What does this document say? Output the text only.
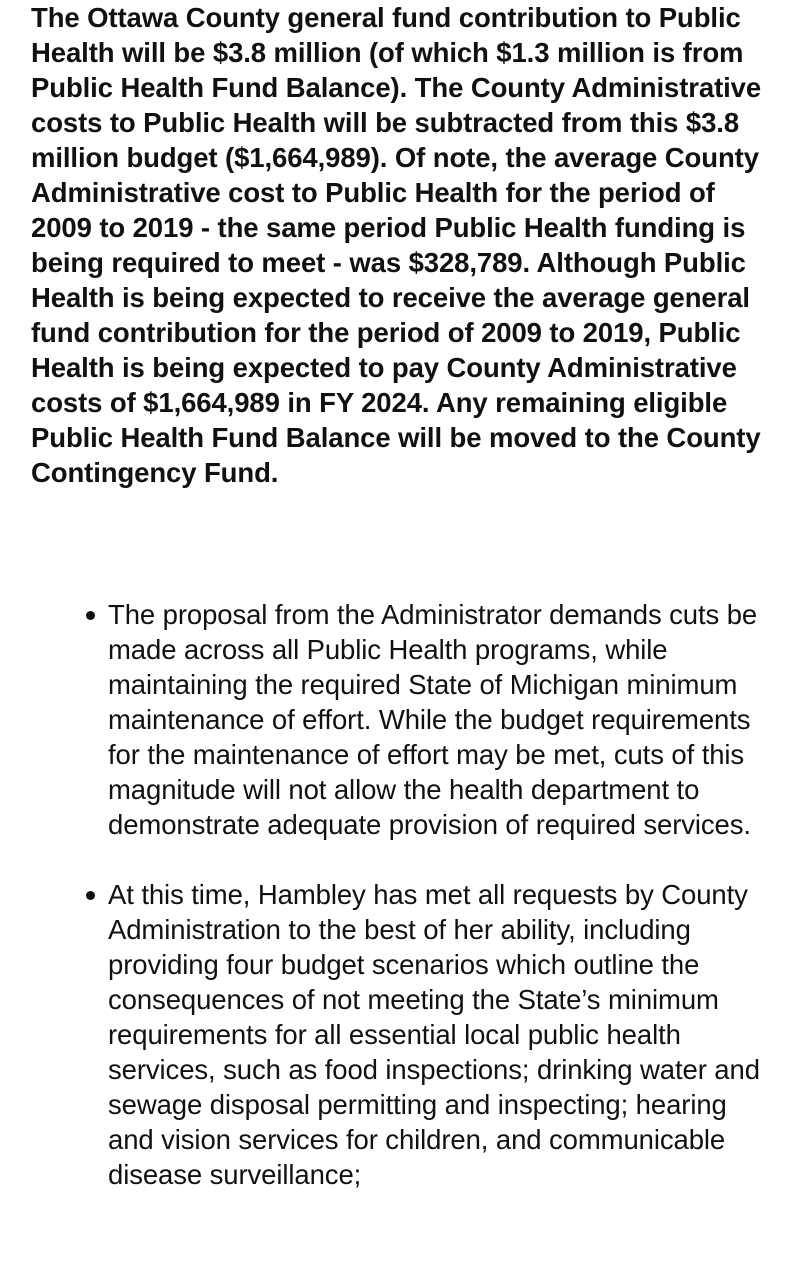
The Ottawa County general fund contribution to Public Health will be $3.8 million (of which $1.3 million is from Public Health Fund Balance). The County Administrative costs to Public Health will be subtracted from this $3.8 million budget ($1,664,989). Of note, the average County Administrative cost to Public Health for the period of 2009 to 2019 - the same period Public Health funding is being required to meet - was $328,789. Although Public Health is being expected to receive the average general fund contribution for the period of 2009 to 2019, Public Health is being expected to pay County Administrative costs of $1,664,989 in FY 2024. Any remaining eligible Public Health Fund Balance will be moved to the County Contingency Fund.

The proposal from the Administrator demands cuts be made across all Public Health programs, while maintaining the required State of Michigan minimum maintenance of effort. While the budget requirements for the maintenance of effort may be met, cuts of this magnitude will not allow the health department to demonstrate adequate provision of required services.
At this time, Hambley has met all requests by County Administration to the best of her ability, including providing four budget scenarios which outline the consequences of not meeting the State’s minimum requirements for all essential local public health services, such as food inspections; drinking water and sewage disposal permitting and inspecting; hearing and vision services for children, and communicable disease surveillance;
